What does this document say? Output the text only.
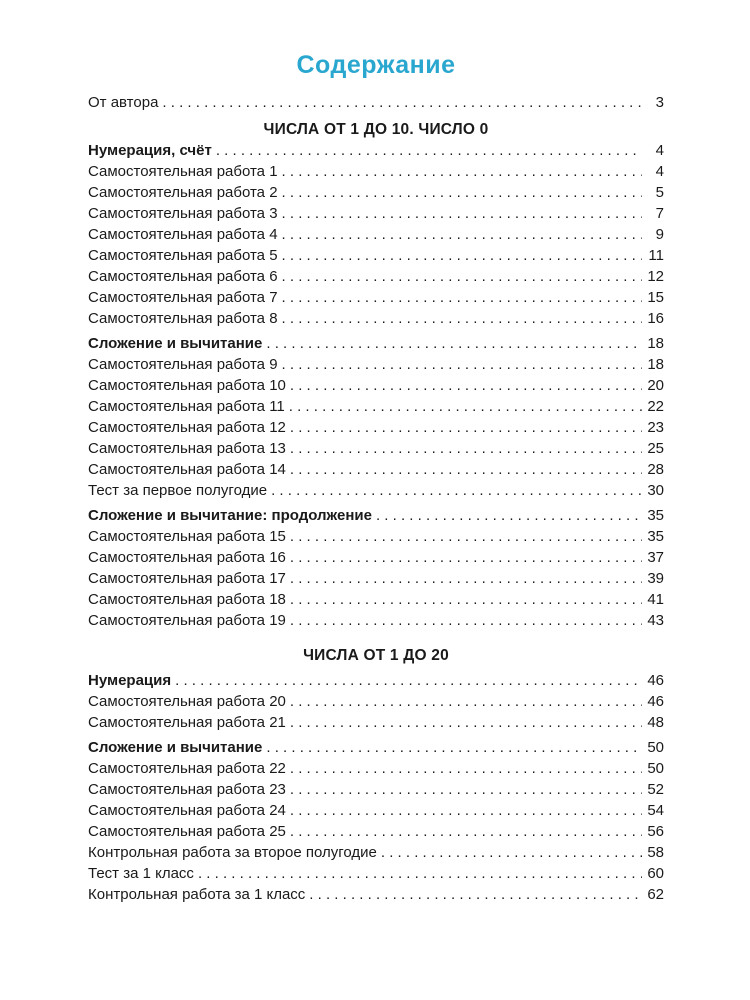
Содержание
От автора . . .	3
ЧИСЛА ОТ 1 ДО 10. ЧИСЛО 0
Нумерация, счёт . . .	4
Самостоятельная работа 1 . . .	4
Самостоятельная работа 2 . . .	5
Самостоятельная работа 3 . . .	7
Самостоятельная работа 4 . . .	9
Самостоятельная работа 5 . . .	11
Самостоятельная работа 6 . . .	12
Самостоятельная работа 7 . . .	15
Самостоятельная работа 8 . . .	16
Сложение и вычитание . . .	18
Самостоятельная работа 9 . . .	18
Самостоятельная работа 10 . . .	20
Самостоятельная работа 11 . . .	22
Самостоятельная работа 12 . . .	23
Самостоятельная работа 13 . . .	25
Самостоятельная работа 14 . . .	28
Тест за первое полугодие . . .	30
Сложение и вычитание: продолжение . . .	35
Самостоятельная работа 15 . . .	35
Самостоятельная работа 16 . . .	37
Самостоятельная работа 17 . . .	39
Самостоятельная работа 18 . . .	41
Самостоятельная работа 19 . . .	43
ЧИСЛА ОТ 1 ДО 20
Нумерация . . .	46
Самостоятельная работа 20 . . .	46
Самостоятельная работа 21 . . .	48
Сложение и вычитание . . .	50
Самостоятельная работа 22 . . .	50
Самостоятельная работа 23 . . .	52
Самостоятельная работа 24 . . .	54
Самостоятельная работа 25 . . .	56
Контрольная работа за второе полугодие . . .	58
Тест за 1 класс . . .	60
Контрольная работа за 1 класс . . .	62
